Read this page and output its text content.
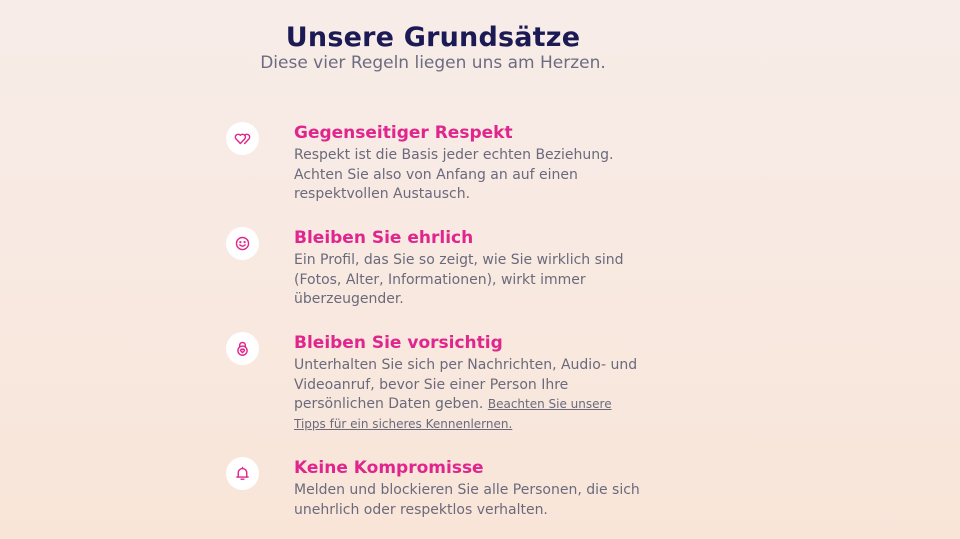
Unsere Grundsätze
Diese vier Regeln liegen uns am Herzen.
Gegenseitiger Respekt

Respekt ist die Basis jeder echten Beziehung. Achten Sie also von Anfang an auf einen respektvollen Austausch.

Bleiben Sie ehrlich

Ein Profil, das Sie so zeigt, wie Sie wirklich sind (Fotos, Alter, Informationen), wirkt immer überzeugender.

Bleiben Sie vorsichtig

Unterhalten Sie sich per Nachrichten, Audio- und Videoanruf, bevor Sie einer Person Ihre persönlichen Daten geben. Beachten Sie unsere Tipps für ein sicheres Kennenlernen.

Keine Kompromisse

Melden und blockieren Sie alle Personen, die sich unehrlich oder respektlos verhalten.
